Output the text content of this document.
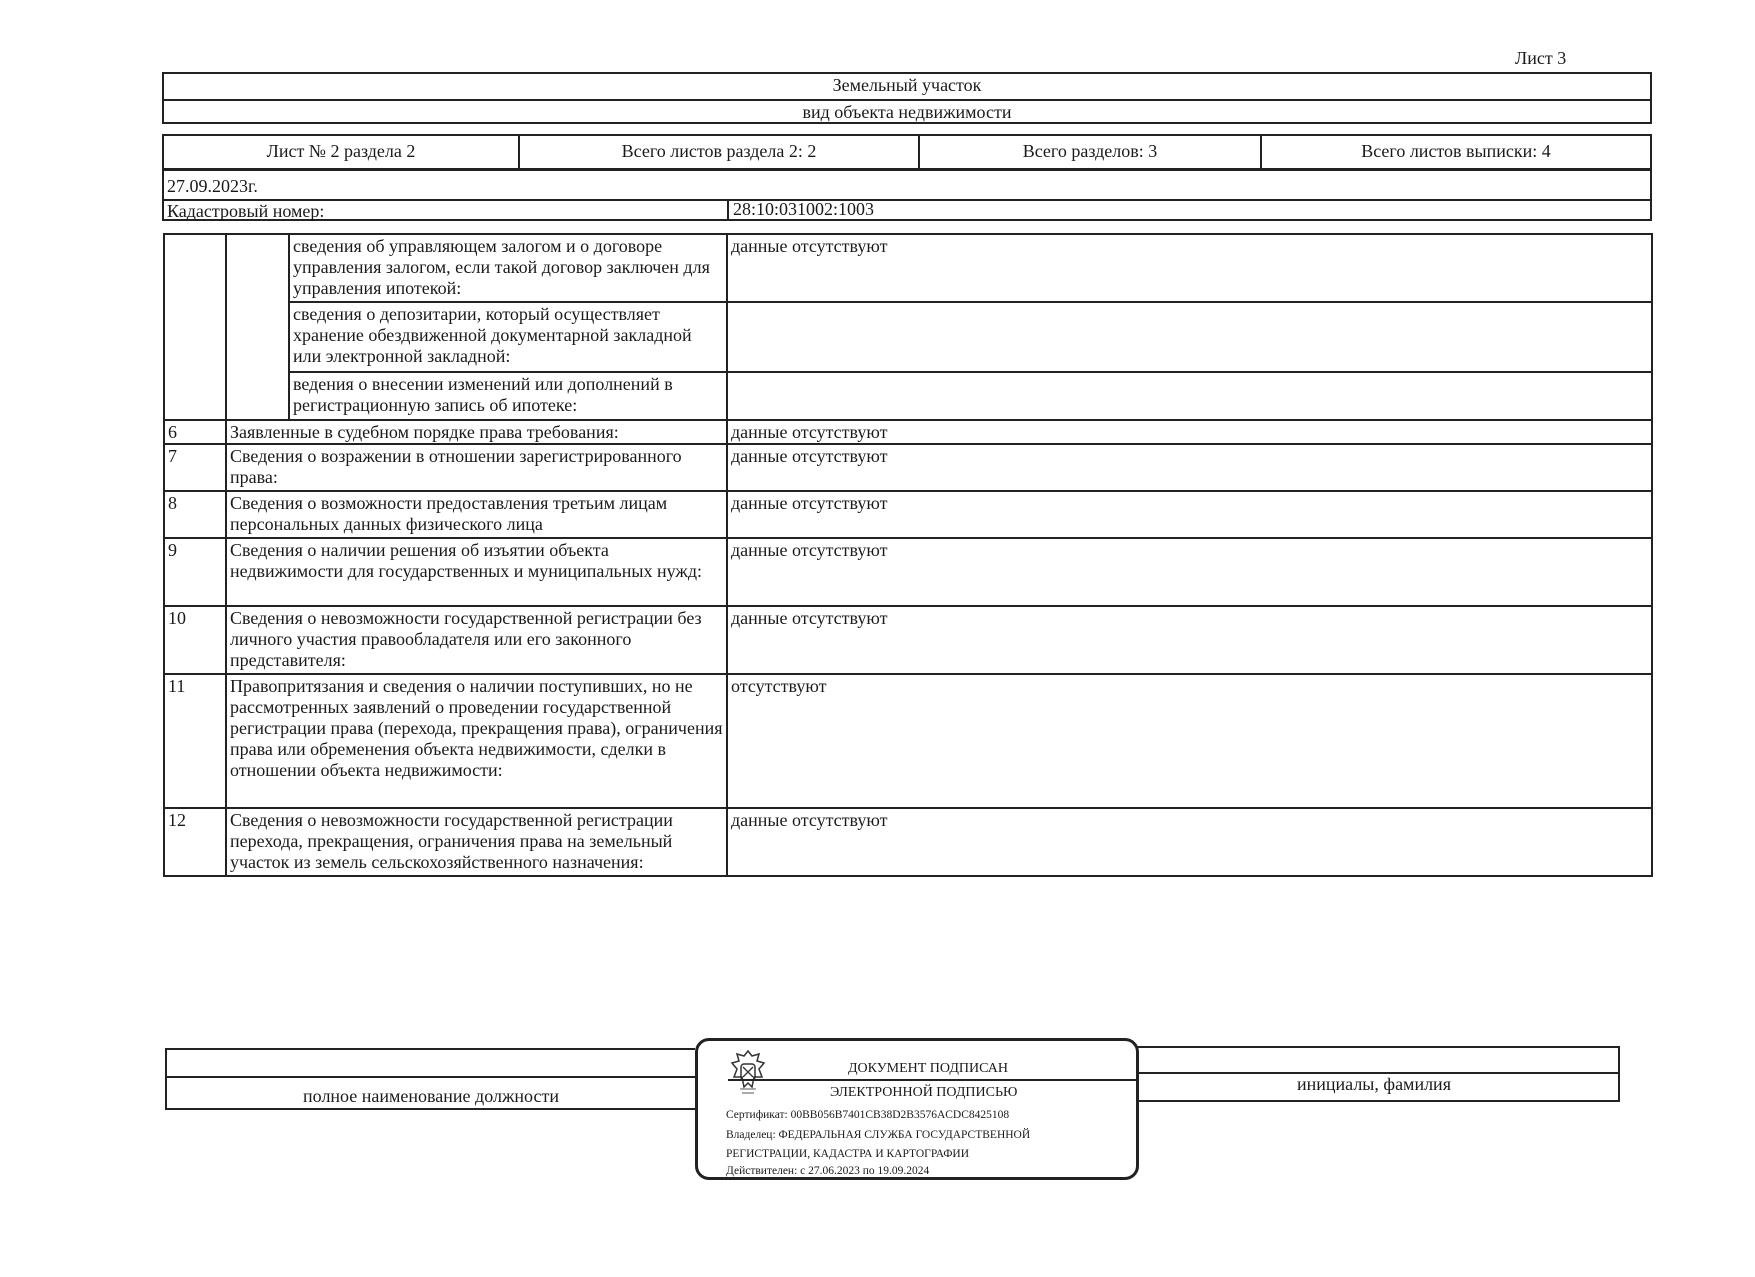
Лист 3
Земельный участок
вид объекта недвижимости
Лист № 2 раздела 2	Всего листов раздела 2: 2	Всего разделов: 3	Всего листов выписки: 4
27.09.2023г.
Кадастровый номер:	28:10:031002:1003
		сведения об управляющем залогом и о договоре управления залогом, если такой договор заключен для управления ипотекой:	данные отсутствуют
		сведения о депозитарии, который осуществляет хранение обездвиженной документарной закладной или электронной закладной:	
		ведения о внесении изменений или дополнений в регистрационную запись об ипотеке:	
6	Заявленные в судебном порядке права требования:		данные отсутствуют
7	Сведения о возражении в отношении зарегистрированного права:		данные отсутствуют
8	Сведения о возможности предоставления третьим лицам персональных данных физического лица		данные отсутствуют
9	Сведения о наличии решения об изъятии объекта недвижимости для государственных и муниципальных нужд:		данные отсутствуют
10	Сведения о невозможности государственной регистрации без личного участия правообладателя или его законного представителя:		данные отсутствуют
11	Правопритязания и сведения о наличии поступивших, но не рассмотренных заявлений о проведении государственной регистрации права (перехода, прекращения права), ограничения права или обременения объекта недвижимости, сделки в отношении объекта недвижимости:		отсутствуют
12	Сведения о невозможности государственной регистрации перехода, прекращения, ограничения права на земельный участок из земель сельскохозяйственного назначения:		данные отсутствуют
полное наименование должности
инициалы, фамилия
ДОКУМЕНТ ПОДПИСАН
ЭЛЕКТРОННОЙ ПОДПИСЬЮ
Сертификат: 00BB056B7401CB38D2B3576ACDC8425108
Владелец: ФЕДЕРАЛЬНАЯ СЛУЖБА ГОСУДАРСТВЕННОЙ
РЕГИСТРАЦИИ, КАДАСТРА И КАРТОГРАФИИ
Действителен: с 27.06.2023 по 19.09.2024
